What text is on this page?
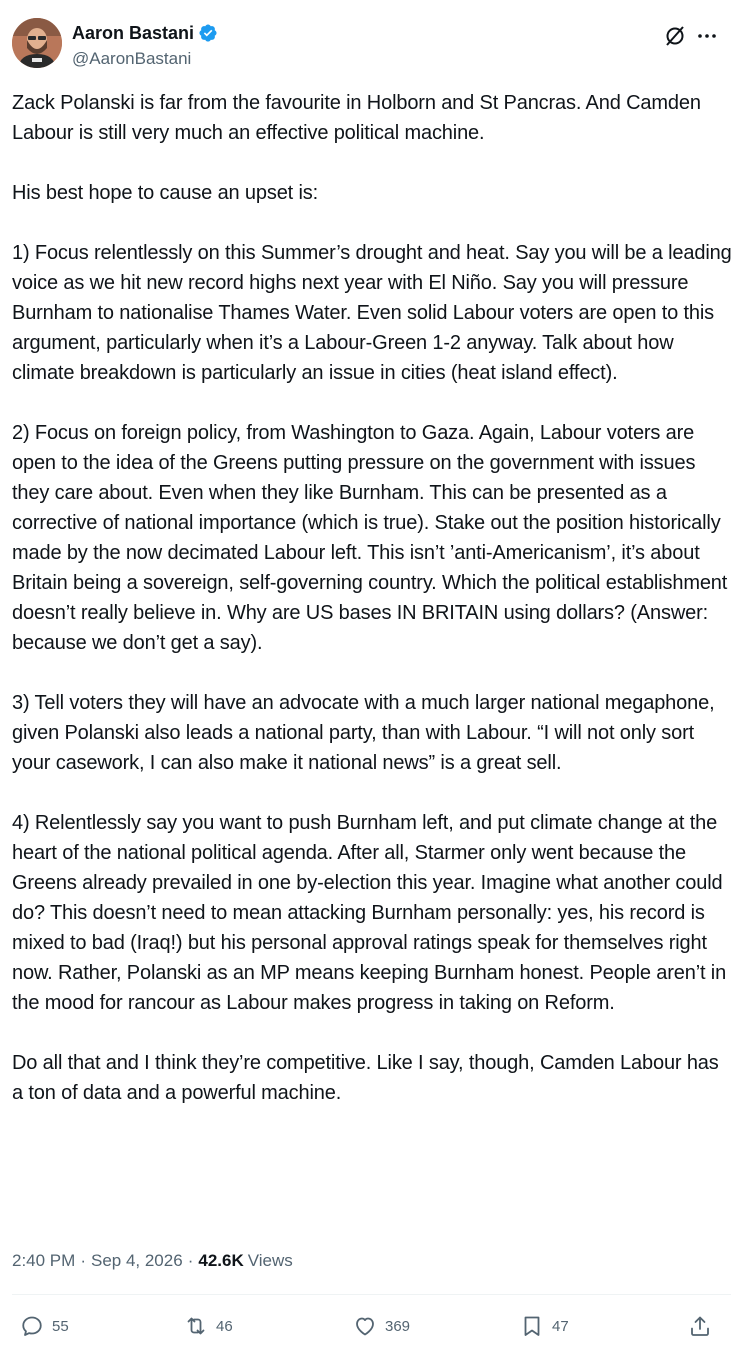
Aaron Bastani
@AaronBastani

Zack Polanski is far from the favourite in Holborn and St Pancras. And Camden Labour is still very much an effective political machine.

His best hope to cause an upset is:

1) Focus relentlessly on this Summer’s drought and heat. Say you will be a leading voice as we hit new record highs next year with El Niño. Say you will pressure Burnham to nationalise Thames Water. Even solid Labour voters are open to this argument, particularly when it’s a Labour-Green 1-2 anyway. Talk about how climate breakdown is particularly an issue in cities (heat island effect).

2) Focus on foreign policy, from Washington to Gaza. Again, Labour voters are open to the idea of the Greens putting pressure on the government with issues they care about. Even when they like Burnham. This can be presented as a corrective of national importance (which is true). Stake out the position historically made by the now decimated Labour left. This isn’t ’anti-Americanism’, it’s about Britain being a sovereign, self-governing country. Which the political establishment doesn’t really believe in. Why are US bases IN BRITAIN using dollars? (Answer: because we don’t get a say).

3) Tell voters they will have an advocate with a much larger national megaphone, given Polanski also leads a national party, than with Labour. “I will not only sort your casework, I can also make it national news” is a great sell.

4) Relentlessly say you want to push Burnham left, and put climate change at the heart of the national political agenda. After all, Starmer only went because the Greens already prevailed in one by-election this year. Imagine what another could do? This doesn’t need to mean attacking Burnham personally: yes, his record is mixed to bad (Iraq!) but his personal approval ratings speak for themselves right now. Rather, Polanski as an MP means keeping Burnham honest. People aren’t in the mood for rancour as Labour makes progress in taking on Reform.

Do all that and I think they’re competitive. Like I say, though, Camden Labour has a ton of data and a powerful machine.

2:40 PM · Sep 4, 2026 · 42.6K Views
55	46	369	47
